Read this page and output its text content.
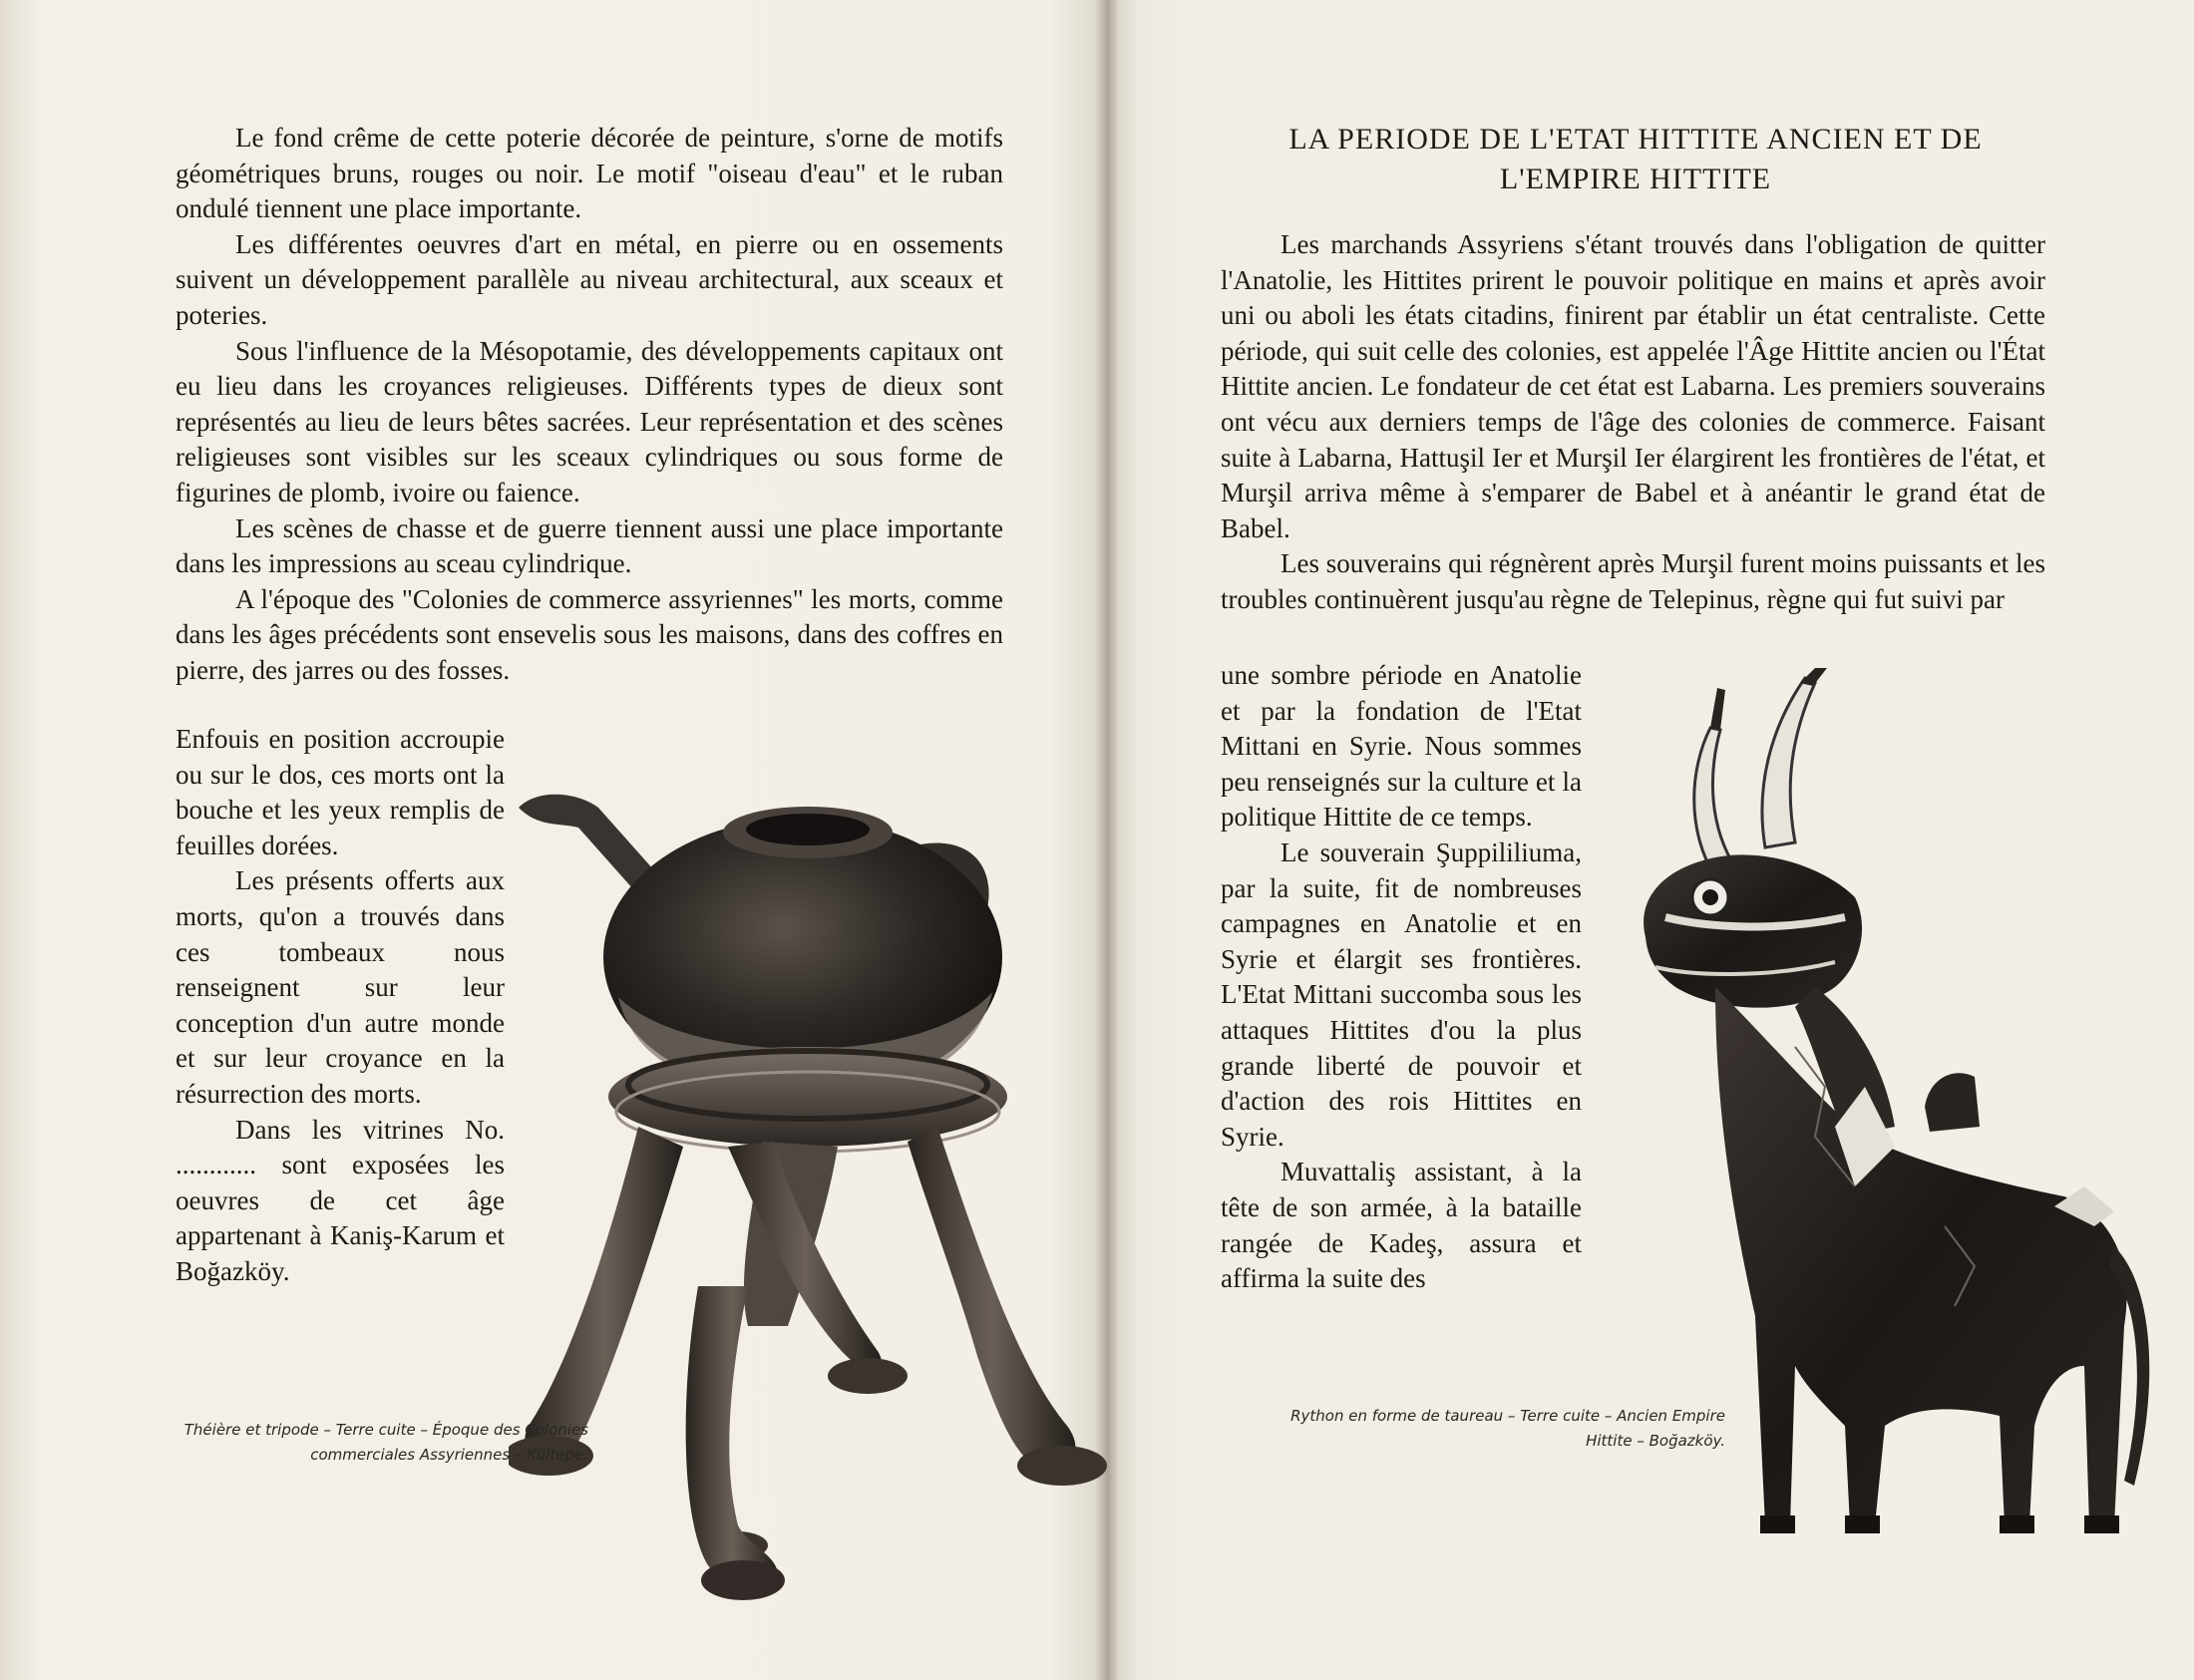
Le fond crême de cette poterie décorée de peinture, s'orne de motifs géométriques bruns, rouges ou noir. Le motif "oiseau d'eau" et le ruban ondulé tiennent une place importante.

Les différentes oeuvres d'art en métal, en pierre ou en ossements suivent un développement parallèle au niveau architectural, aux sceaux et poteries.

Sous l'influence de la Mésopotamie, des développements capitaux ont eu lieu dans les croyances religieuses. Différents types de dieux sont représentés au lieu de leurs bêtes sacrées. Leur représentation et des scènes religieuses sont visibles sur les sceaux cylindriques ou sous forme de figurines de plomb, ivoire ou faience.

Les scènes de chasse et de guerre tiennent aussi une place importante dans les impressions au sceau cylindrique.

A l'époque des "Colonies de commerce assyriennes" les morts, comme dans les âges précédents sont ensevelis sous les maisons, dans des coffres en pierre, des jarres ou des fosses.

Enfouis en position accroupie ou sur le dos, ces morts ont la bouche et les yeux remplis de feuilles dorées.

Les présents offerts aux morts, qu'on a trouvés dans ces tombeaux nous renseignent sur leur conception d'un autre monde et sur leur croyance en la résurrection des morts.

Dans les vitrines No. ............ sont exposées les oeuvres de cet âge appartenant à Kaniş-Karum et Boğazköy.

Théière et tripode – Terre cuite – Époque des Colonies
commerciales Assyriennes – Kültepe.
LA PERIODE DE L'ETAT HITTITE ANCIEN ET DE
L'EMPIRE HITTITE

Les marchands Assyriens s'étant trouvés dans l'obligation de quitter l'Anatolie, les Hittites prirent le pouvoir politique en mains et après avoir uni ou aboli les états citadins, finirent par établir un état centraliste. Cette période, qui suit celle des colonies, est appelée l'Âge Hittite ancien ou l'État Hittite ancien. Le fondateur de cet état est Labarna. Les premiers souverains ont vécu aux derniers temps de l'âge des colonies de commerce. Faisant suite à Labarna, Hattuşil Ier et Murşil Ier élargirent les frontières de l'état, et Murşil arriva même à s'emparer de Babel et à anéantir le grand état de Babel.

Les souverains qui régnèrent après Murşil furent moins puissants et les troubles continuèrent jusqu'au règne de Telepinus, règne qui fut suivi par

une sombre période en Anatolie et par la fondation de l'Etat Mittani en Syrie. Nous sommes peu renseignés sur la culture et la politique Hittite de ce temps.

Le souverain Şuppililiuma, par la suite, fit de nombreuses campagnes en Anatolie et en Syrie et élargit ses frontières. L'Etat Mittani succomba sous les attaques Hittites d'ou la plus grande liberté de pouvoir et d'action des rois Hittites en Syrie.

Muvattaliş assistant, à la tête de son armée, à la bataille rangée de Kadeş, assura et affirma la suite des

Rython en forme de taureau – Terre cuite – Ancien Empire
Hittite – Boğazköy.
